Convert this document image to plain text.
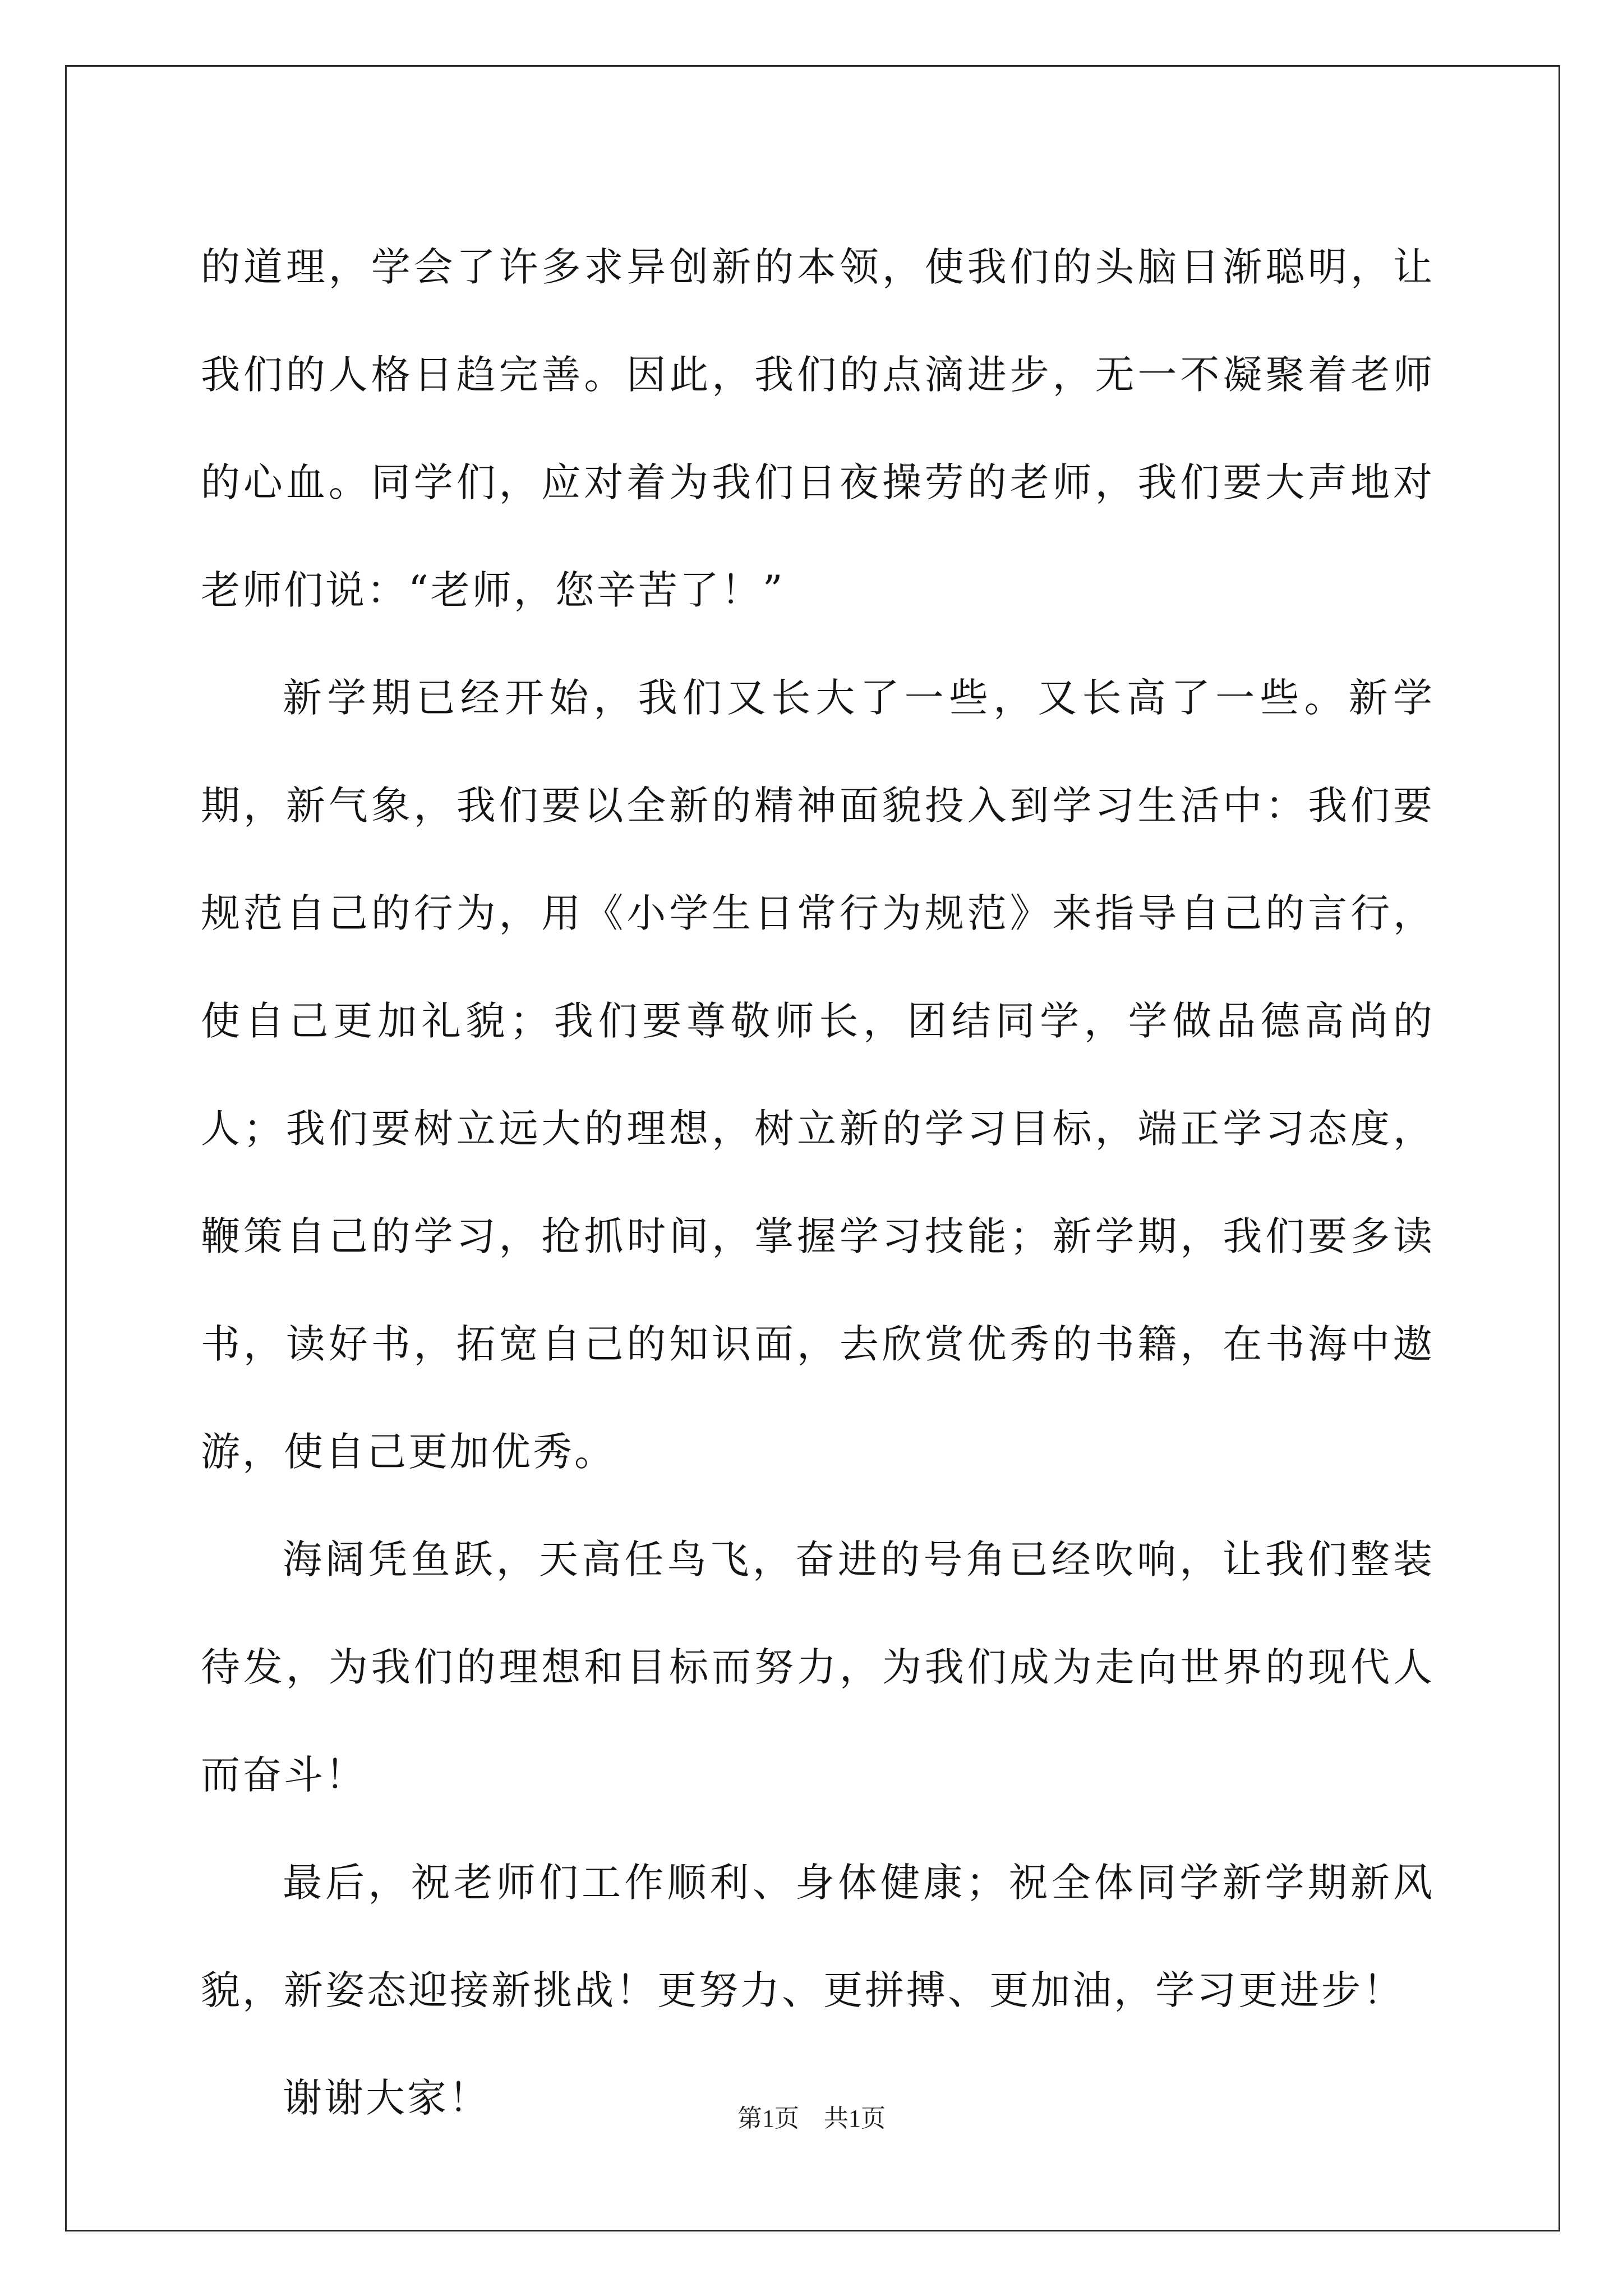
的道理，学会了许多求异创新的本领，使我们的头脑日渐聪明，让我们的人格日趋完善。因此，我们的点滴进步，无一不凝聚着老师的心血。同学们，应对着为我们日夜操劳的老师，我们要大声地对老师们说：“老师，您辛苦了！”

新学期已经开始，我们又长大了一些，又长高了一些。新学期，新气象，我们要以全新的精神面貌投入到学习生活中：我们要规范自己的行为，用《小学生日常行为规范》来指导自己的言行，使自己更加礼貌；我们要尊敬师长，团结同学，学做品德高尚的人；我们要树立远大的理想，树立新的学习目标，端正学习态度，鞭策自己的学习，抢抓时间，掌握学习技能；新学期，我们要多读书，读好书，拓宽自己的知识面，去欣赏优秀的书籍，在书海中遨游，使自己更加优秀。

海阔凭鱼跃，天高任鸟飞，奋进的号角已经吹响，让我们整装待发，为我们的理想和目标而努力，为我们成为走向世界的现代人而奋斗！

最后，祝老师们工作顺利、身体健康；祝全体同学新学期新风貌，新姿态迎接新挑战！更努力、更拼搏、更加油，学习更进步！

谢谢大家！	第1页 共1页
